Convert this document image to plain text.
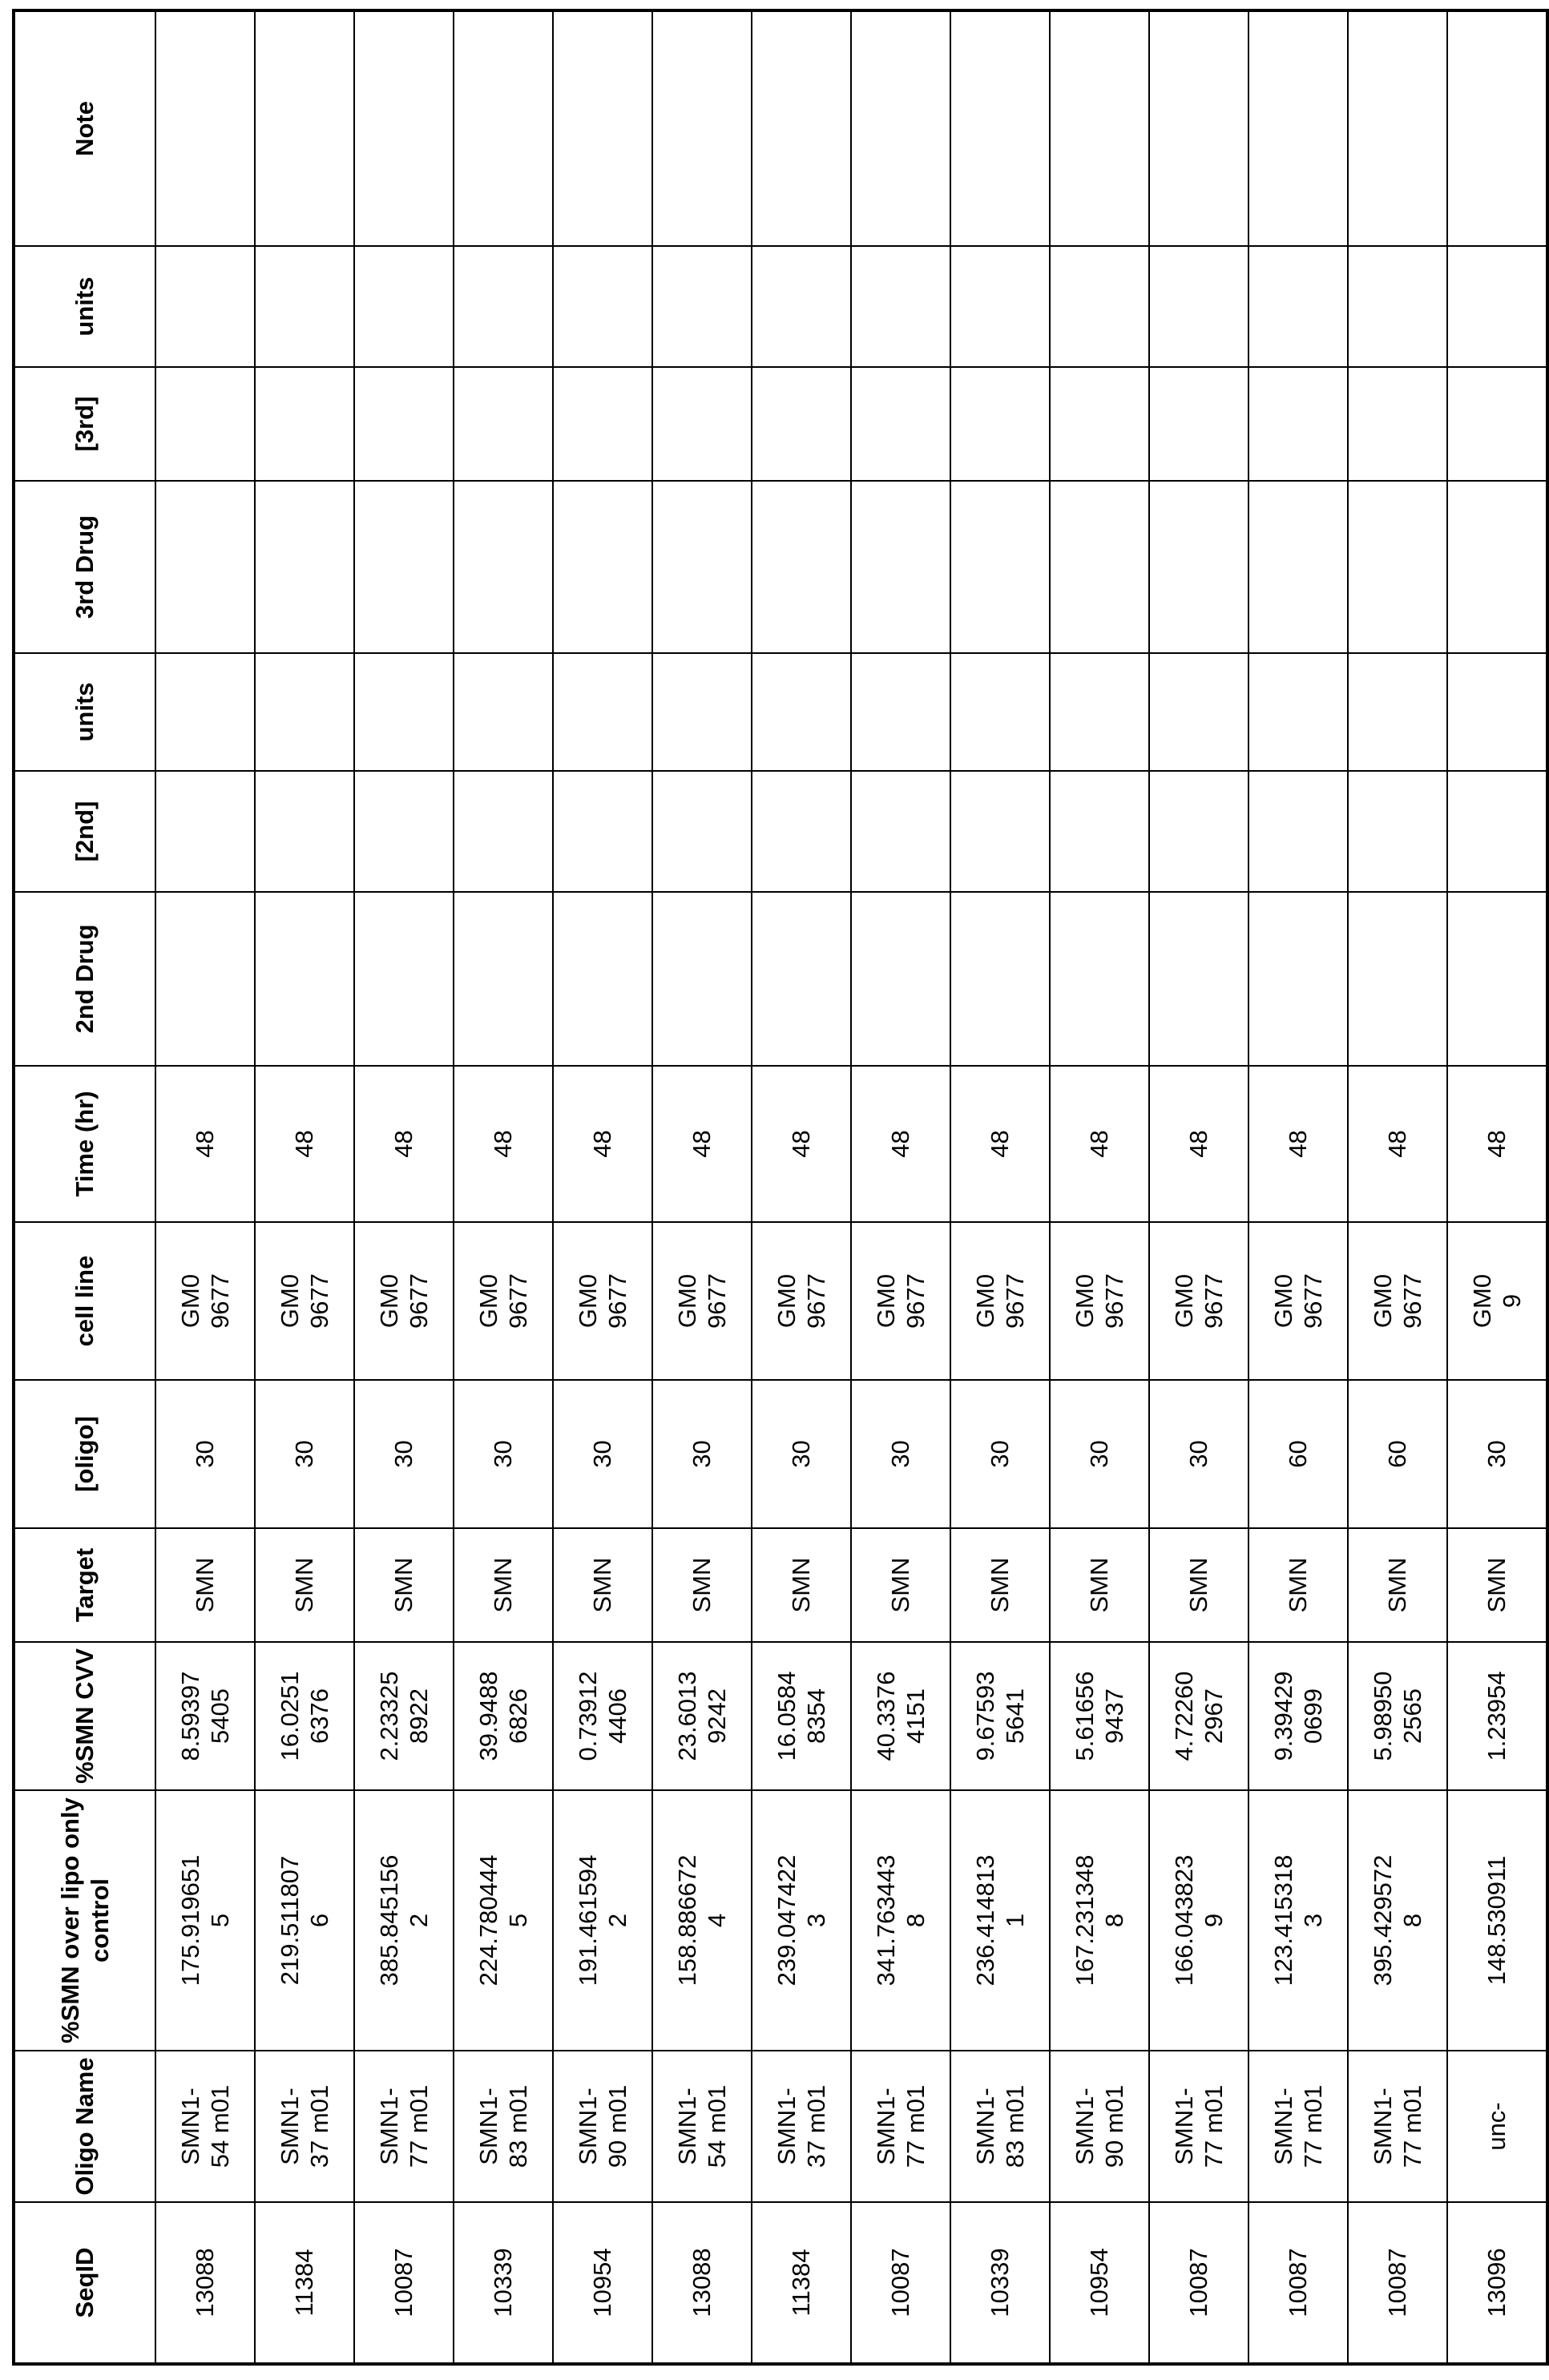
SeqID	Oligo Name	%SMN over lipo only control	%SMN CVV	Target	[oligo]	cell line	Time (hr)	2nd Drug	[2nd]	units	3rd Drug	[3rd]	units	Note
13088	SMN1-54 m01	175.9196515	8.593975405	SMN	30	GM09677	48							
11384	SMN1-37 m01	219.5118076	16.02516376	SMN	30	GM09677	48							
10087	SMN1-77 m01	385.8451562	2.233258922	SMN	30	GM09677	48							
10339	SMN1-83 m01	224.7804445	39.94886826	SMN	30	GM09677	48							
10954	SMN1-90 m01	191.4615942	0.739124406	SMN	30	GM09677	48							
13088	SMN1-54 m01	158.8866724	23.60139242	SMN	30	GM09677	48							
11384	SMN1-37 m01	239.0474223	16.05848354	SMN	30	GM09677	48							
10087	SMN1-77 m01	341.7634438	40.33764151	SMN	30	GM09677	48							
10339	SMN1-83 m01	236.4148131	9.675935641	SMN	30	GM09677	48							
10954	SMN1-90 m01	167.2313488	5.616569437	SMN	30	GM09677	48							
10087	SMN1-77 m01	166.0438239	4.722602967	SMN	30	GM09677	48							
10087	SMN1-77 m01	123.4153183	9.394290699	SMN	60	GM09677	48							
10087	SMN1-77 m01	395.4295728	5.989502565	SMN	60	GM09677	48							
13096	unc-	148.530911	1.23954	SMN	30	GM09	48							
